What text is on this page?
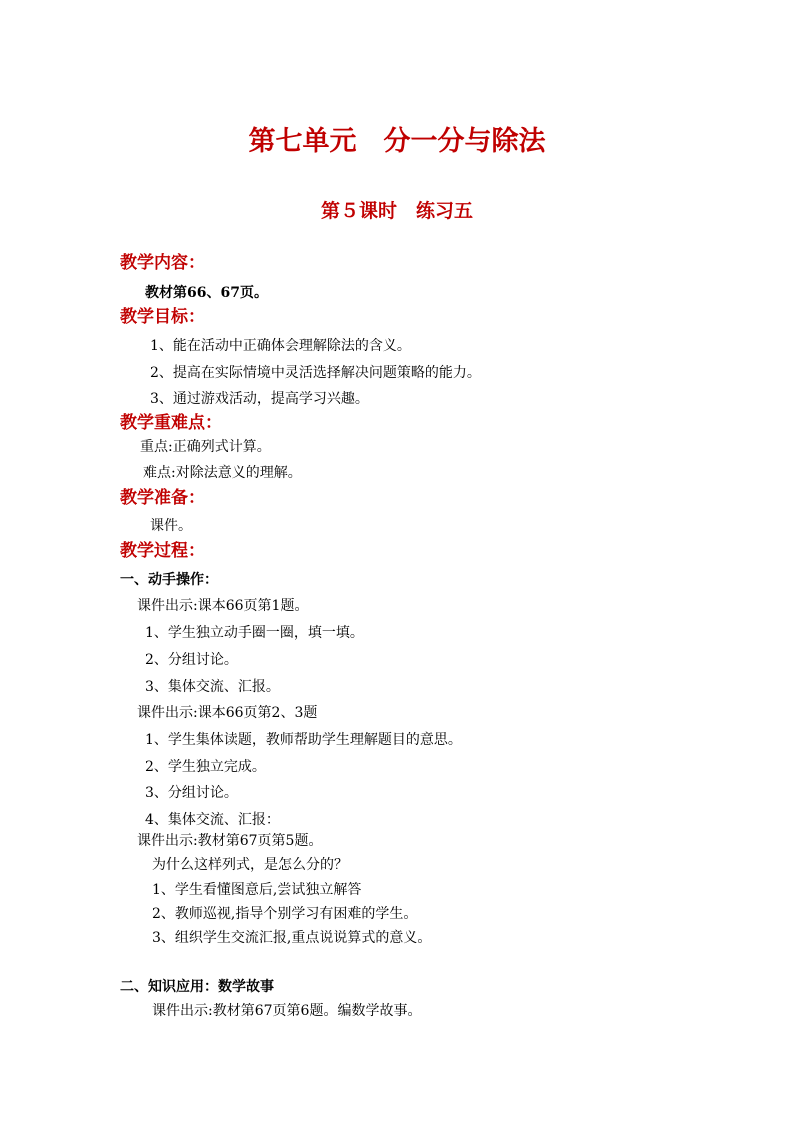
第七单元　分一分与除法
第５课时　练习五
教学内容：
教材第66、67页。
教学目标：
1、能在活动中正确体会理解除法的含义。
2、提高在实际情境中灵活选择解决问题策略的能力。
3、通过游戏活动，提高学习兴趣。
教学重难点：
重点:正确列式计算。
难点:对除法意义的理解。
教学准备：
课件。
教学过程：
一、动手操作：
课件出示:课本66页第1题。
1、学生独立动手圈一圈，填一填。
2、分组讨论。
3、集体交流、汇报。
课件出示:课本66页第2、3题
1、学生集体读题，教师帮助学生理解题目的意思。
2、学生独立完成。
3、分组讨论。
4、集体交流、汇报：
课件出示:教材第67页第5题。
为什么这样列式，是怎么分的？
1、学生看懂图意后,尝试独立解答
2、教师巡视,指导个别学习有困难的学生。
3、组织学生交流汇报,重点说说算式的意义。
二、知识应用：数学故事
课件出示:教材第67页第6题。编数学故事。
